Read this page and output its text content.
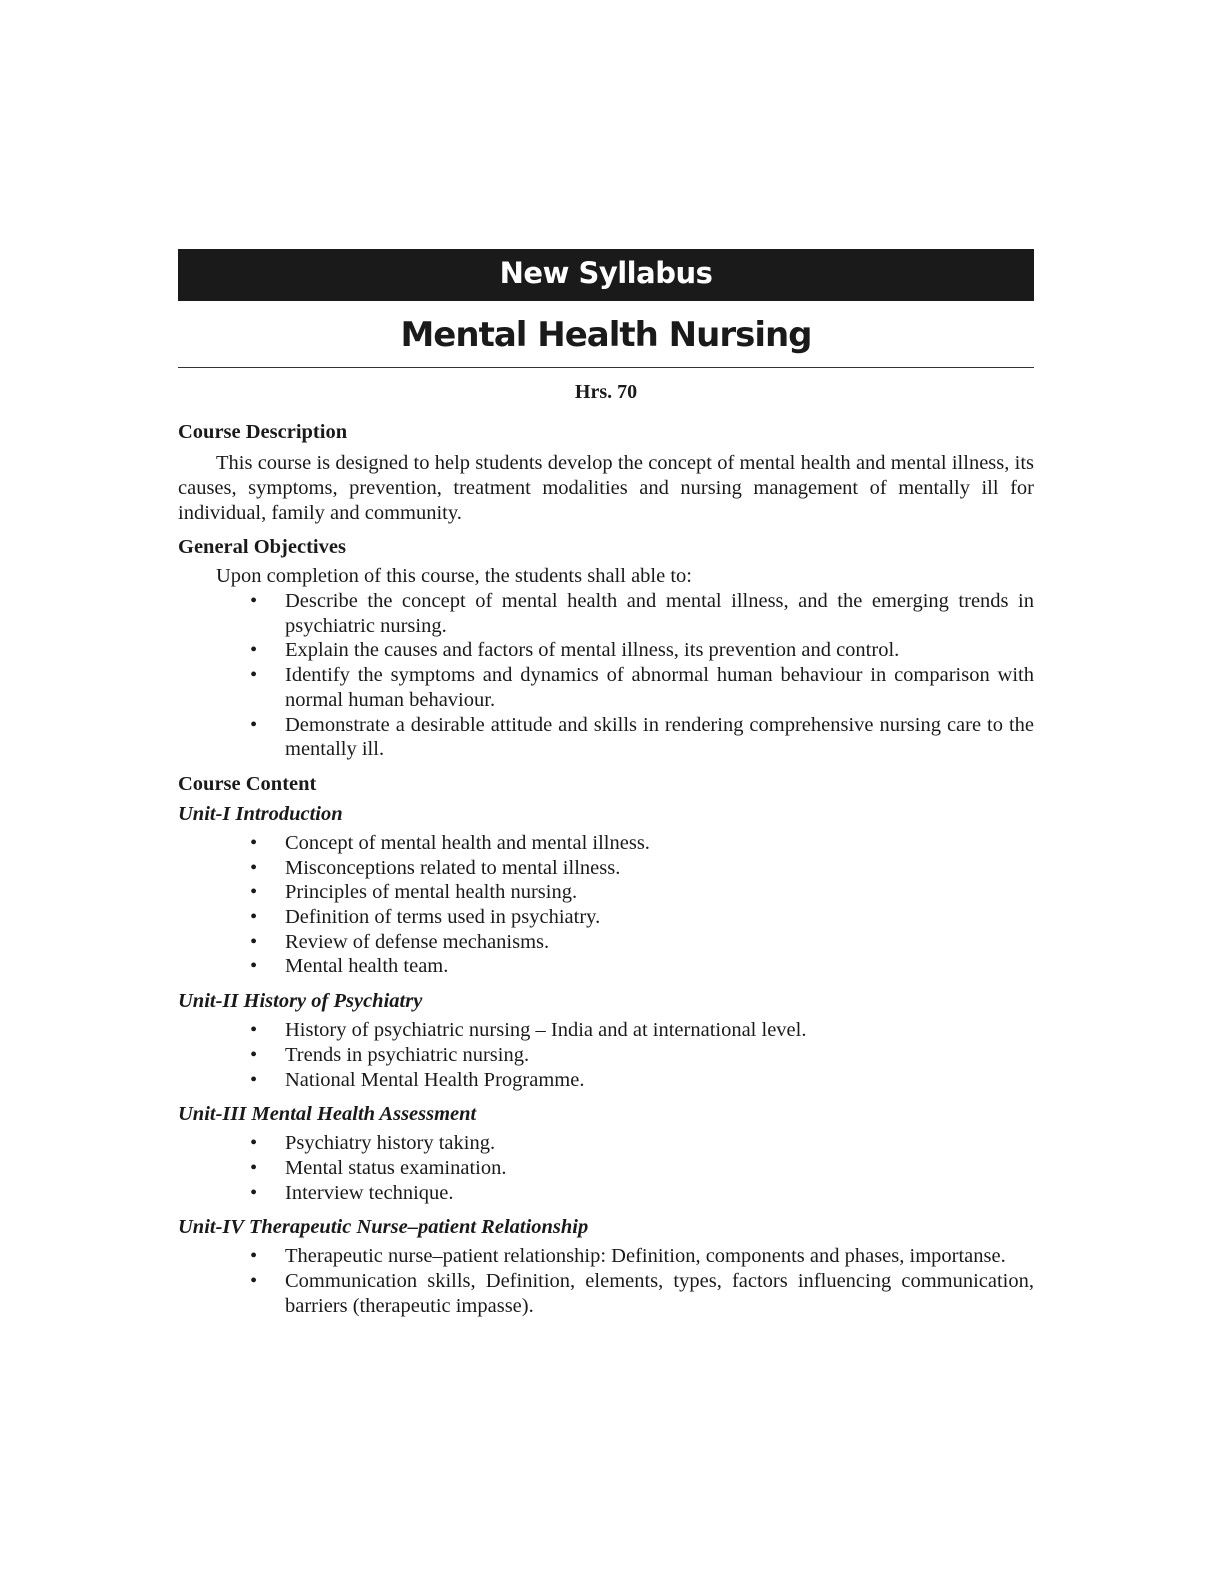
New Syllabus
Mental Health Nursing
Hrs. 70
Course Description
This course is designed to help students develop the concept of mental health and mental illness, its causes, symptoms, prevention, treatment modalities and nursing management of mentally ill for individual, family and community.
General Objectives
Upon completion of this course, the students shall able to:
• Describe the concept of mental health and mental illness, and the emerging trends in psychiatric nursing.
• Explain the causes and factors of mental illness, its prevention and control.
• Identify the symptoms and dynamics of abnormal human behaviour in comparison with normal human behaviour.
• Demonstrate a desirable attitude and skills in rendering comprehensive nursing care to the mentally ill.
Course Content
Unit-I Introduction
• Concept of mental health and mental illness.
• Misconceptions related to mental illness.
• Principles of mental health nursing.
• Definition of terms used in psychiatry.
• Review of defense mechanisms.
• Mental health team.
Unit-II History of Psychiatry
• History of psychiatric nursing – India and at international level.
• Trends in psychiatric nursing.
• National Mental Health Programme.
Unit-III Mental Health Assessment
• Psychiatry history taking.
• Mental status examination.
• Interview technique.
Unit-IV Therapeutic Nurse–patient Relationship
• Therapeutic nurse–patient relationship: Definition, components and phases, importanse.
• Communication skills, Definition, elements, types, factors influencing communication, barriers (therapeutic impasse).
